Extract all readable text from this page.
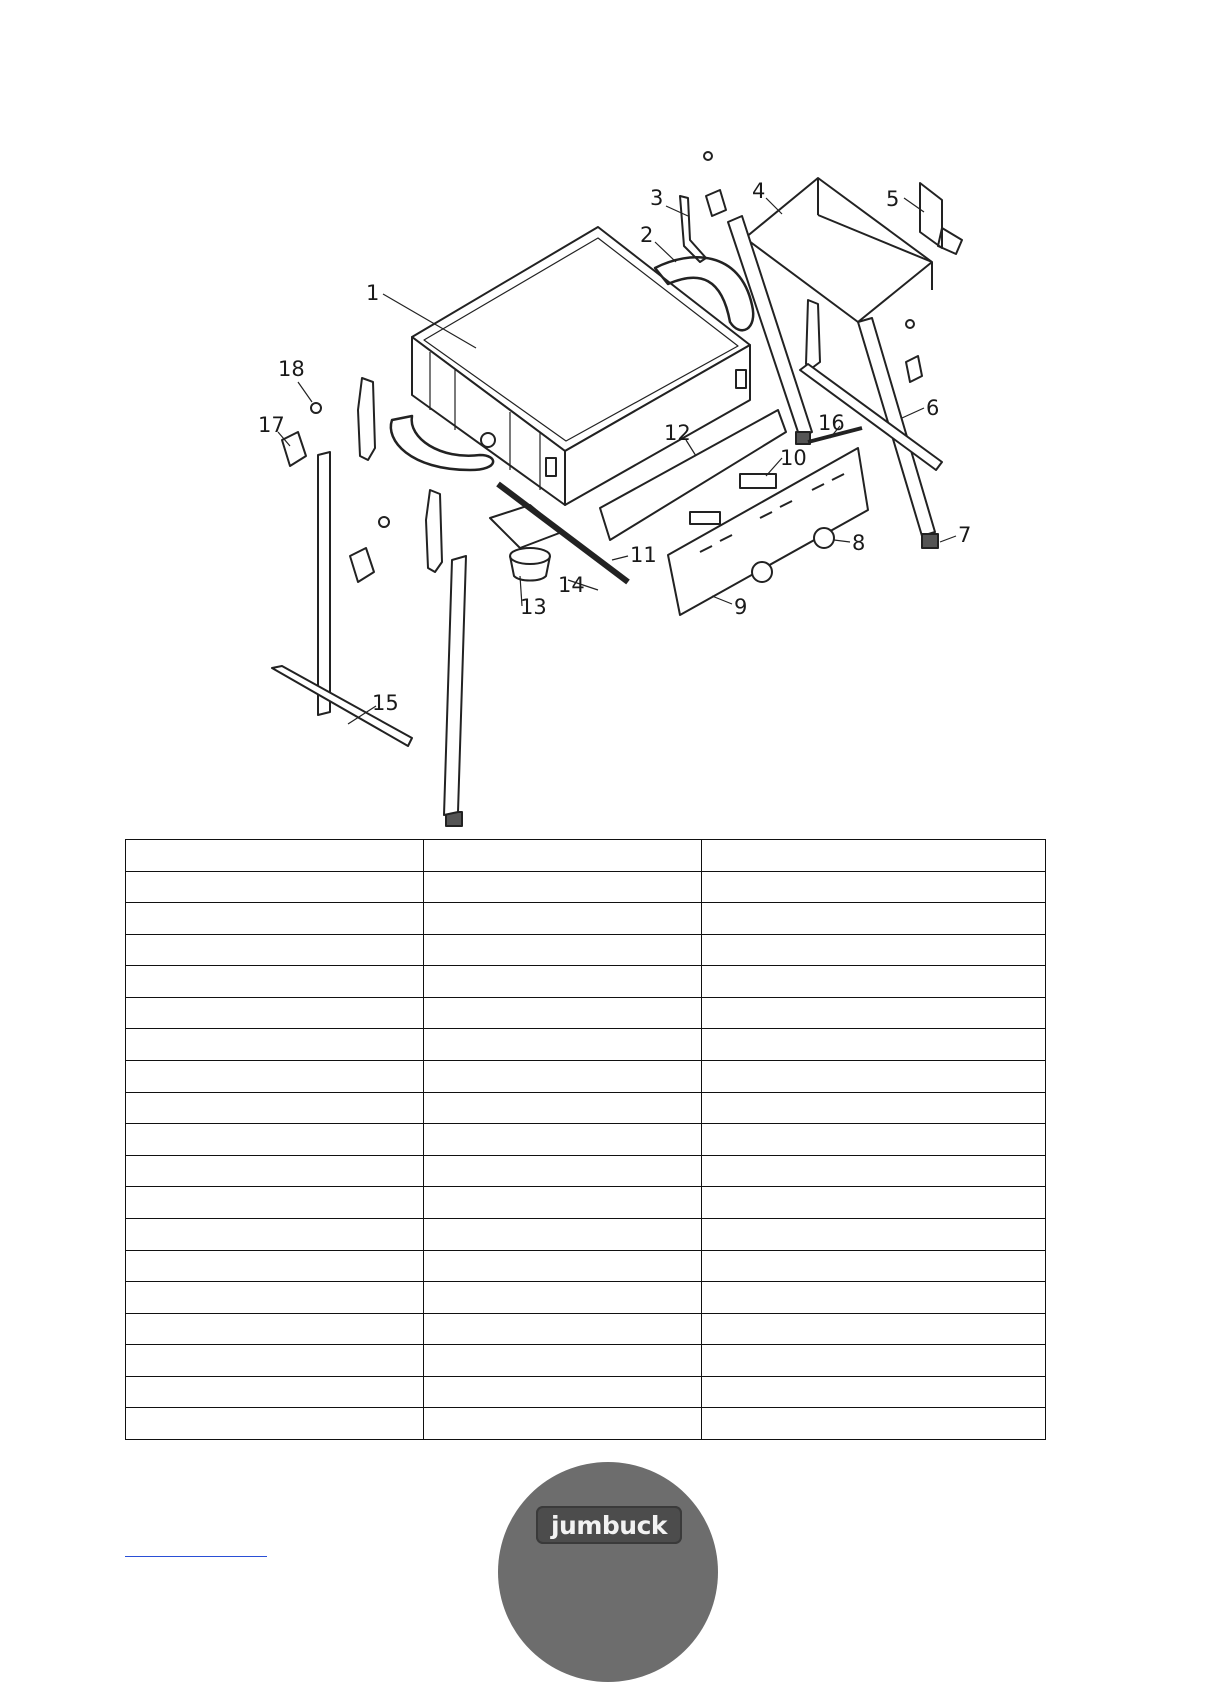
1
2
3	4	5
6
7
8
9
10
11
12
13
14
15
16
17
18

jumbuck
